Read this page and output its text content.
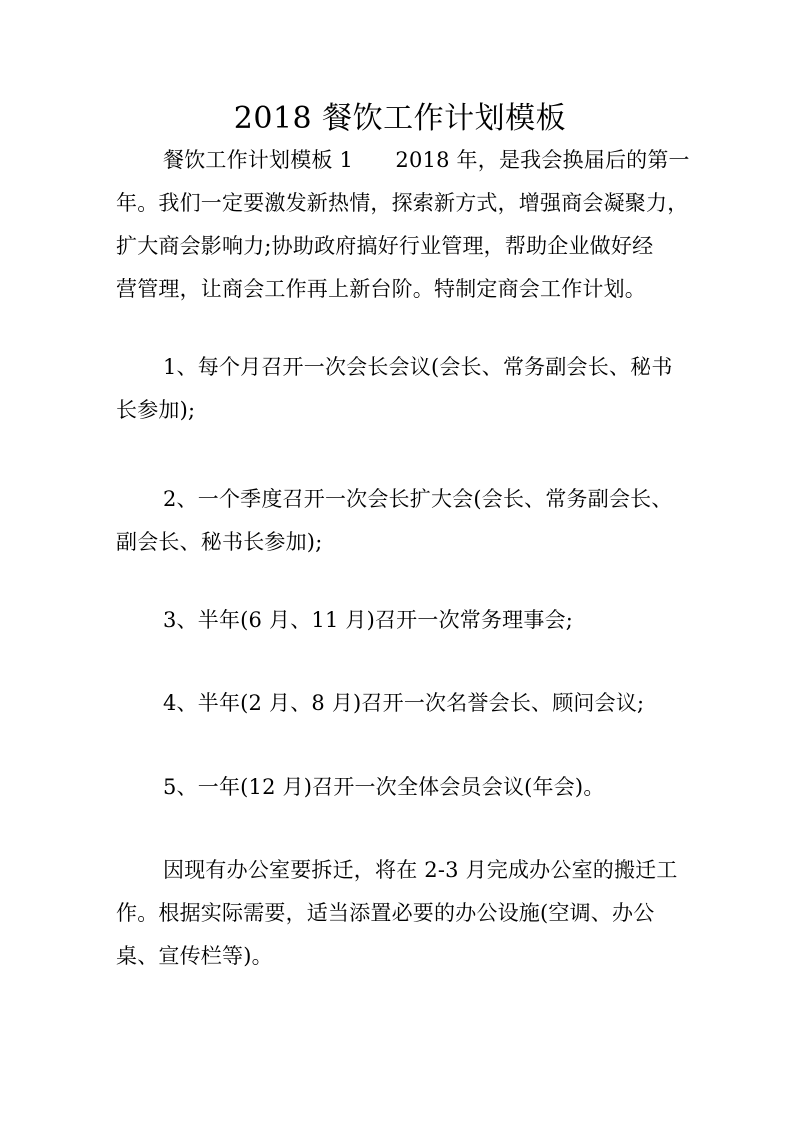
2018 餐饮工作计划模板
餐饮工作计划模板 1　　2018 年，是我会换届后的第一
年。我们一定要激发新热情，探索新方式，增强商会凝聚力，
扩大商会影响力;协助政府搞好行业管理，帮助企业做好经
营管理，让商会工作再上新台阶。特制定商会工作计划。
1、每个月召开一次会长会议(会长、常务副会长、秘书
长参加);
2、一个季度召开一次会长扩大会(会长、常务副会长、
副会长、秘书长参加);
3、半年(6 月、11 月)召开一次常务理事会;
4、半年(2 月、8 月)召开一次名誉会长、顾问会议;
5、一年(12 月)召开一次全体会员会议(年会)。
因现有办公室要拆迁，将在 2-3 月完成办公室的搬迁工
作。根据实际需要，适当添置必要的办公设施(空调、办公
桌、宣传栏等)。
